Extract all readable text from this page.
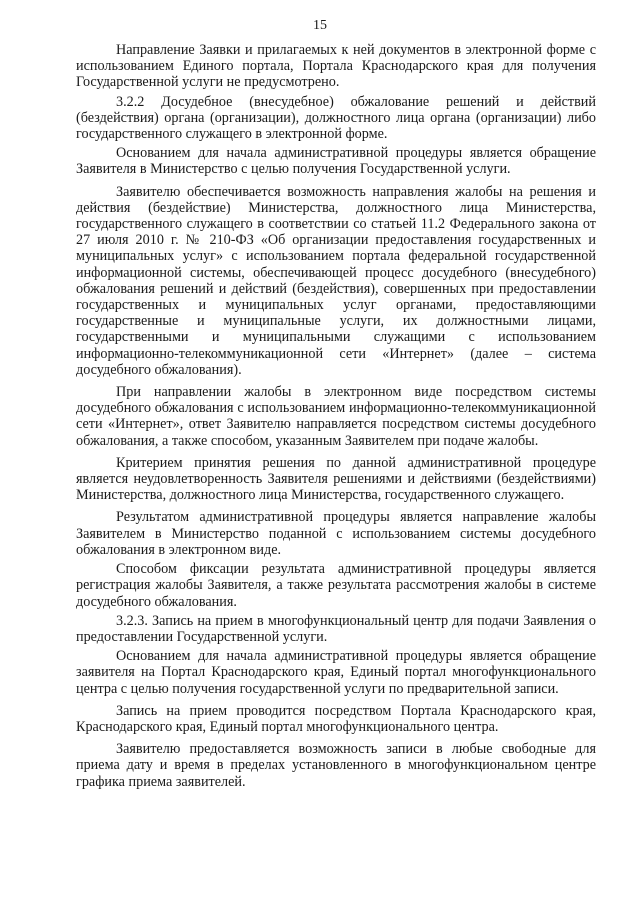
15

Направление Заявки и прилагаемых к ней документов в электронной форме с использованием Единого портала, Портала Краснодарского края для получения Государственной услуги не предусмотрено.

3.2.2 Досудебное (внесудебное) обжалование решений и действий (бездействия) органа (организации), должностного лица органа (организации) либо государственного служащего в электронной форме.

Основанием для начала административной процедуры является обращение Заявителя в Министерство с целью получения Государственной услуги.

Заявителю обеспечивается возможность направления жалобы на решения и действия (бездействие) Министерства, должностного лица Министерства, государственного служащего в соответствии со статьей 11.2 Федерального закона от 27 июля 2010 г. № 210-ФЗ «Об организации предоставления государственных и муниципальных услуг» с использованием портала федеральной государственной информационной системы, обеспечивающей процесс досудебного (внесудебного) обжалования решений и действий (бездействия), совершенных при предоставлении государственных и муниципальных услуг органами, предоставляющими государственные и муниципальные услуги, их должностными лицами, государственными и муниципальными служащими с использованием информационно-телекоммуникационной сети «Интернет» (далее – система досудебного обжалования).

При направлении жалобы в электронном виде посредством системы досудебного обжалования с использованием информационно-телекоммуникационной сети «Интернет», ответ Заявителю направляется посредством системы досудебного обжалования, а также способом, указанным Заявителем при подаче жалобы.

Критерием принятия решения по данной административной процедуре является неудовлетворенность Заявителя решениями и действиями (бездействиями) Министерства, должностного лица Министерства, государственного служащего.

Результатом административной процедуры является направление жалобы Заявителем в Министерство поданной с использованием системы досудебного обжалования в электронном виде.

Способом фиксации результата административной процедуры является регистрация жалобы Заявителя, а также результата рассмотрения жалобы в системе досудебного обжалования.

3.2.3. Запись на прием в многофункциональный центр для подачи Заявления о предоставлении Государственной услуги.

Основанием для начала административной процедуры является обращение заявителя на Портал Краснодарского края, Единый портал многофункционального центра с целью получения государственной услуги по предварительной записи.

Запись на прием проводится посредством Портала Краснодарского края, Краснодарского края, Единый портал многофункционального центра.

Заявителю предоставляется возможность записи в любые свободные для приема дату и время в пределах установленного в многофункциональном центре графика приема заявителей.
